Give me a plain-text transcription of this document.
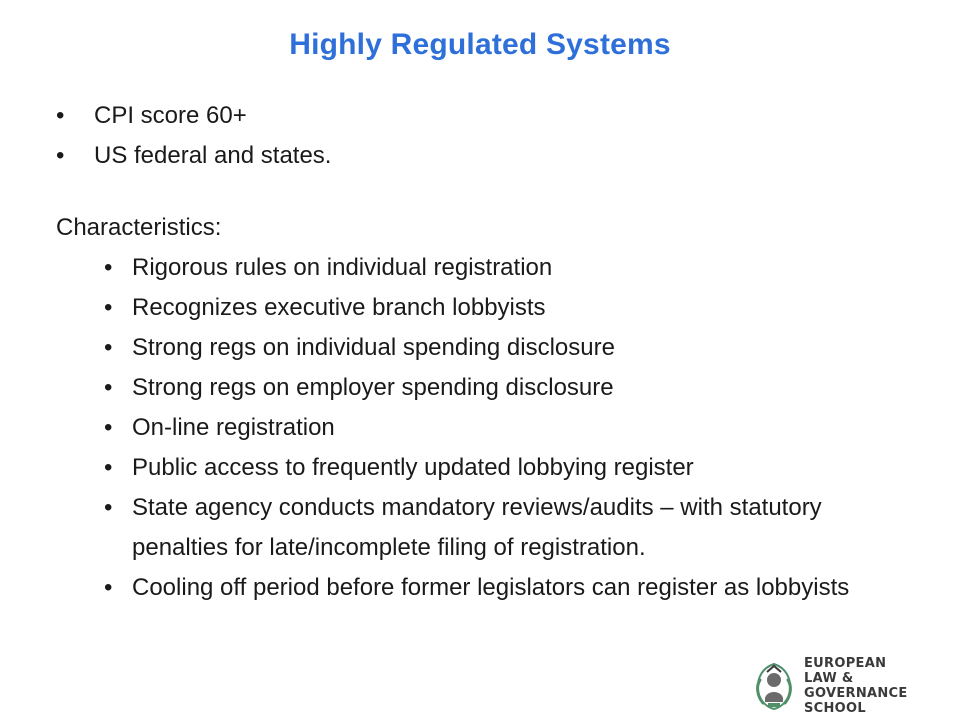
Highly Regulated Systems
• CPI score 60+
• US federal and states.
Characteristics:
• Rigorous rules on individual registration
• Recognizes executive branch lobbyists
• Strong regs on individual spending disclosure
• Strong regs on employer spending disclosure
• On-line registration
• Public access to frequently updated lobbying register
• State agency conducts mandatory reviews/audits – with statutory penalties for late/incomplete filing of registration.
• Cooling off period before former legislators can register as lobbyists
EUROPEAN
LAW & GOVERNANCE
SCHOOL
